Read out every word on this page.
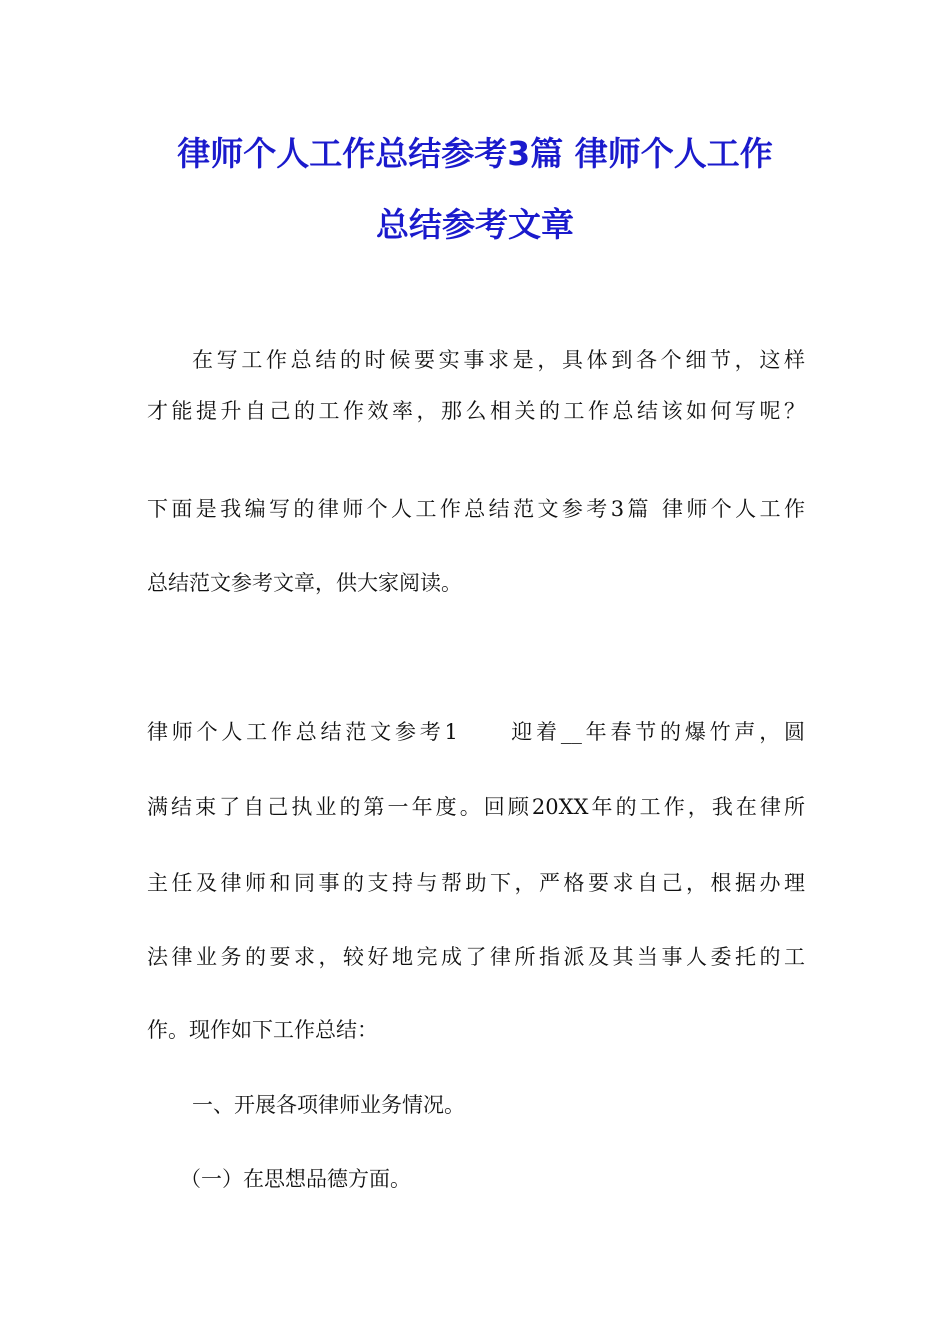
律师个人工作总结参考3篇 律师个人工作
总结参考文章
在写工作总结的时候要实事求是，具体到各个细节，这样
才能提升自己的工作效率，那么相关的工作总结该如何写呢？
下面是我编写的律师个人工作总结范文参考3篇 律师个人工作
总结范文参考文章，供大家阅读。
律师个人工作总结范文参考1　　迎着__年春节的爆竹声，圆
满结束了自己执业的第一年度。回顾20XX年的工作，我在律所
主任及律师和同事的支持与帮助下，严格要求自己，根据办理
法律业务的要求，较好地完成了律所指派及其当事人委托的工
作。现作如下工作总结：
一、开展各项律师业务情况。
（一）在思想品德方面。
